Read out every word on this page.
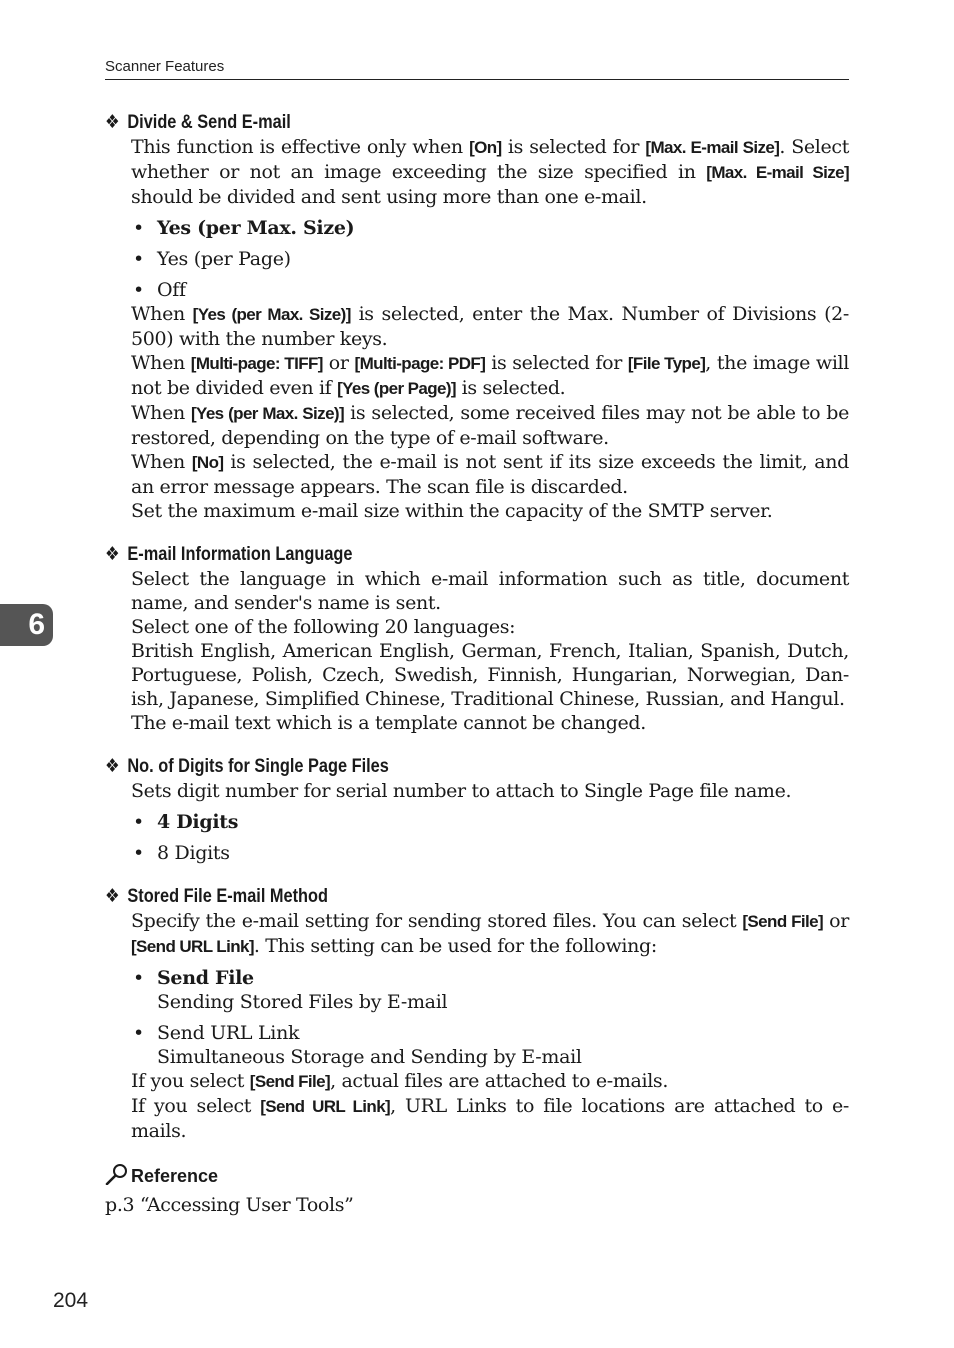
Scanner Features
6
❖ Divide & Send E-mail

This function is effective only when [On] is selected for [Max. E-mail Size]. Select whether or not an image exceeding the size specified in [Max. E-mail Size] should be divided and sent using more than one e-mail.

• Yes (per Max. Size)
• Yes (per Page)
• Off

When [Yes (per Max. Size)] is selected, enter the Max. Number of Divisions (2-500) with the number keys.

When [Multi-page: TIFF] or [Multi-page: PDF] is selected for [File Type], the image will not be divided even if [Yes (per Page)] is selected.

When [Yes (per Max. Size)] is selected, some received files may not be able to be restored, depending on the type of e-mail software.

When [No] is selected, the e-mail is not sent if its size exceeds the limit, and an error message appears. The scan file is discarded.

Set the maximum e-mail size within the capacity of the SMTP server.

❖ E-mail Information Language

Select the language in which e-mail information such as title, document name, and sender's name is sent.

Select one of the following 20 languages:

British English, American English, German, French, Italian, Spanish, Dutch, Portuguese, Polish, Czech, Swedish, Finnish, Hungarian, Norwegian, Dan-ish, Japanese, Simplified Chinese, Traditional Chinese, Russian, and Hangul.

The e-mail text which is a template cannot be changed.

❖ No. of Digits for Single Page Files

Sets digit number for serial number to attach to Single Page file name.

• 4 Digits
• 8 Digits
❖ Stored File E-mail Method

Specify the e-mail setting for sending stored files. You can select [Send File] or [Send URL Link]. This setting can be used for the following:

• Send File
Sending Stored Files by E-mail
• Send URL Link
Simultaneous Storage and Sending by E-mail

If you select [Send File], actual files are attached to e-mails.

If you select [Send URL Link], URL Links to file locations are attached to e-mails.

Reference

p.3 “Accessing User Tools”

204
